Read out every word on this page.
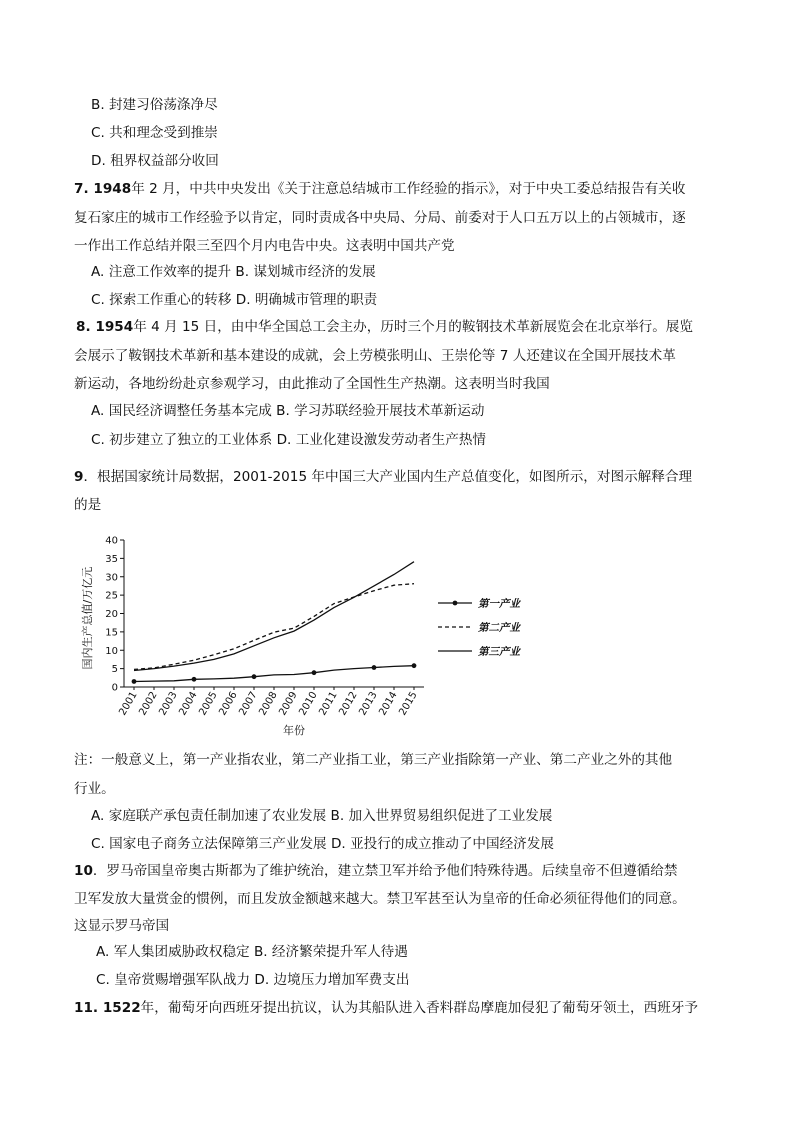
B. 封建习俗荡涤净尽
C. 共和理念受到推崇
D. 租界权益部分收回
7. 1948年 2 月，中共中央发出《关于注意总结城市工作经验的指示》，对于中央工委总结报告有关收
复石家庄的城市工作经验予以肯定，同时责成各中央局、分局、前委对于人口五万以上的占领城市，逐
一作出工作总结并限三至四个月内电告中央。这表明中国共产党
A. 注意工作效率的提升 B. 谋划城市经济的发展
C. 探索工作重心的转移 D. 明确城市管理的职责
8. 1954年 4 月 15 日，由中华全国总工会主办，历时三个月的鞍钢技术革新展览会在北京举行。展览
会展示了鞍钢技术革新和基本建设的成就，会上劳模张明山、王崇伦等 7 人还建议在全国开展技术革
新运动，各地纷纷赴京参观学习，由此推动了全国性生产热潮。这表明当时我国
A. 国民经济调整任务基本完成 B. 学习苏联经验开展技术革新运动
C. 初步建立了独立的工业体系 D. 工业化建设激发劳动者生产热情
9．根据国家统计局数据，2001-2015 年中国三大产业国内生产总值变化，如图所示，对图示解释合理
的是
0
5
10
15
20
25
30
35
40
2001
2002
2003
2004
2005
2006
2007
2008
2009
2010
2011
2012
2013
2014
2015
第一产业
第二产业
第三产业
国内生产总值/万亿元
年份
注：一般意义上，第一产业指农业，第二产业指工业，第三产业指除第一产业、第二产业之外的其他
行业。
A. 家庭联产承包责任制加速了农业发展 B. 加入世界贸易组织促进了工业发展
C. 国家电子商务立法保障第三产业发展 D. 亚投行的成立推动了中国经济发展
10．罗马帝国皇帝奥古斯都为了维护统治，建立禁卫军并给予他们特殊待遇。后续皇帝不但遵循给禁
卫军发放大量赏金的惯例，而且发放金额越来越大。禁卫军甚至认为皇帝的任命必须征得他们的同意。
这显示罗马帝国
A. 军人集团威胁政权稳定 B. 经济繁荣提升军人待遇
C. 皇帝赏赐增强军队战力 D. 边境压力增加军费支出
11. 1522年，葡萄牙向西班牙提出抗议，认为其船队进入香料群岛摩鹿加侵犯了葡萄牙领土，西班牙予
